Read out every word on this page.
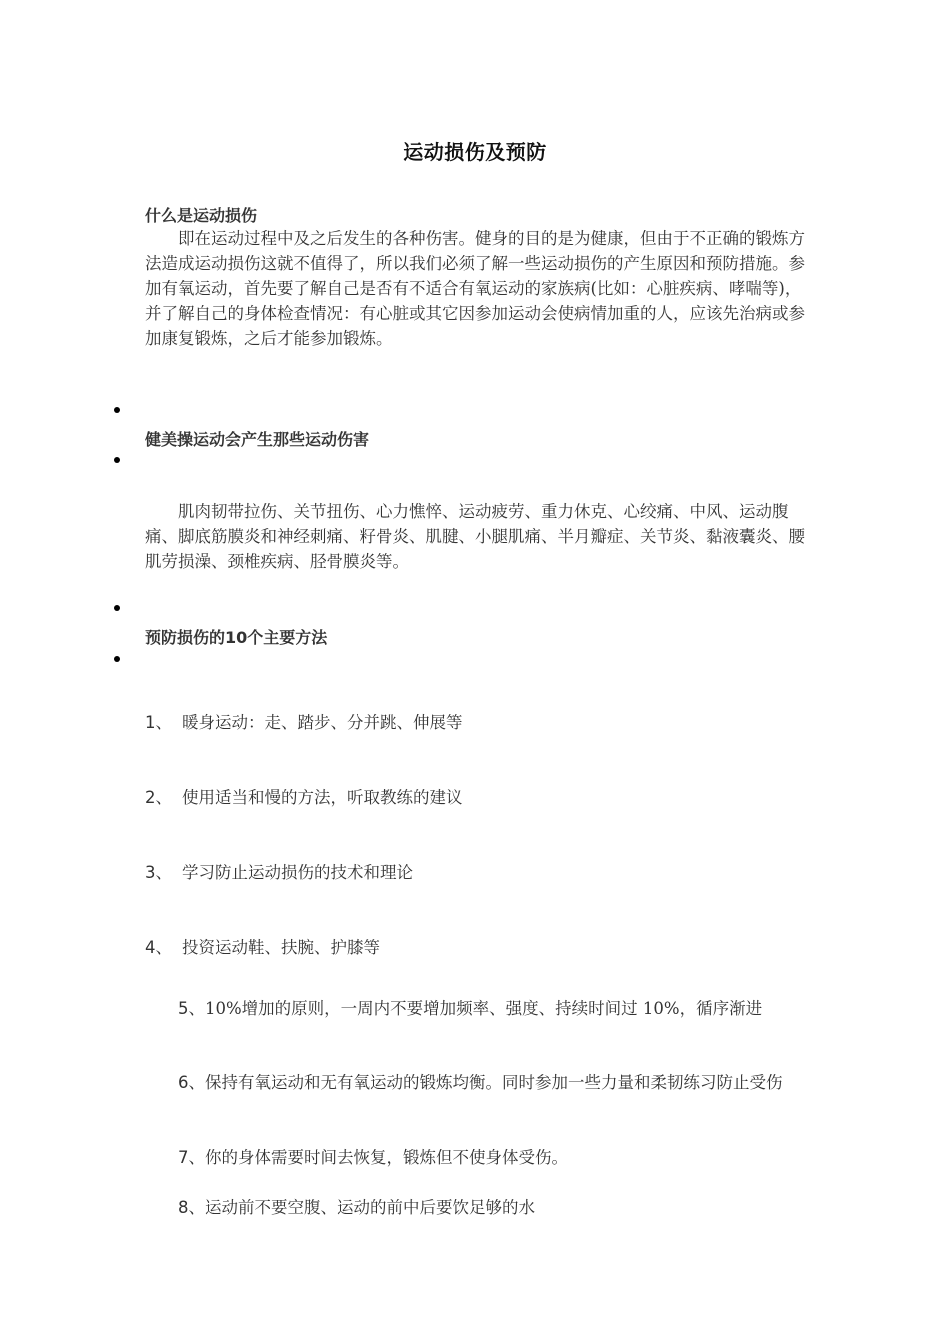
运动损伤及预防
什么是运动损伤
即在运动过程中及之后发生的各种伤害。健身的目的是为健康，但由于不正确的锻炼方法造成运动损伤这就不值得了，所以我们必须了解一些运动损伤的产生原因和预防措施。参加有氧运动，首先要了解自己是否有不适合有氧运动的家族病(比如：心脏疾病、哮喘等)，并了解自己的身体检查情况：有心脏或其它因参加运动会使病情加重的人，应该先治病或参加康复锻炼，之后才能参加锻炼。
健美操运动会产生那些运动伤害
肌肉韧带拉伤、关节扭伤、心力憔悴、运动疲劳、重力休克、心绞痛、中风、运动腹痛、脚底筋膜炎和神经刺痛、籽骨炎、肌腱、小腿肌痛、半月瓣症、关节炎、黏液囊炎、腰肌劳损澡、颈椎疾病、胫骨膜炎等。
预防损伤的10个主要方法
1、 暖身运动：走、踏步、分并跳、伸展等
2、 使用适当和慢的方法，听取教练的建议
3、 学习防止运动损伤的技术和理论
4、 投资运动鞋、扶腕、护膝等
5、10%增加的原则，一周内不要增加频率、强度、持续时间过 10%，循序渐进
6、保持有氧运动和无有氧运动的锻炼均衡。同时参加一些力量和柔韧练习防止受伤
7、你的身体需要时间去恢复，锻炼但不使身体受伤。
8、运动前不要空腹、运动的前中后要饮足够的水
